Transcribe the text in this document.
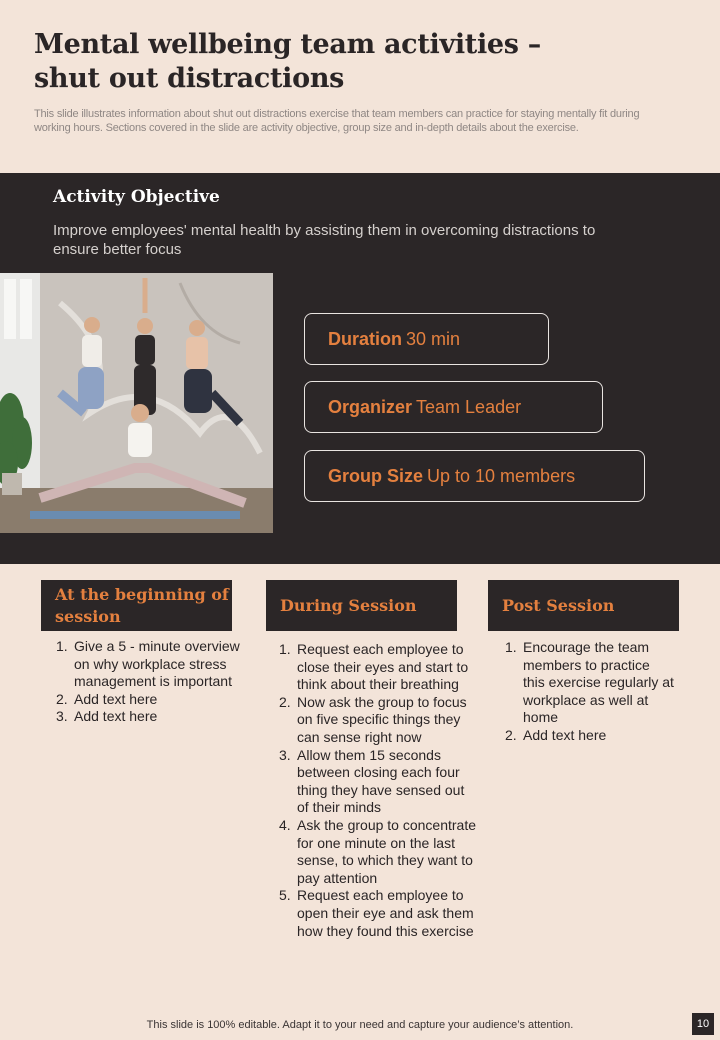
Mental wellbeing team activities –
shut out distractions

This slide illustrates information about shut out distractions exercise that team members can practice for staying mentally fit during working hours. Sections covered in the slide are activity objective, group size and in-depth details about the exercise.

Activity Objective

Improve employees' mental health by assisting them in overcoming distractions to ensure better focus

Duration 30 min
Organizer Team Leader
Group Size Up to 10 members
At the beginning of session
1. Give a 5 - minute overview on why workplace stress management is important
2. Add text here
3. Add text here
During Session
1. Request each employee to close their eyes and start to think about their breathing
2. Now ask the group to focus on five specific things they can sense right now
3. Allow them 15 seconds between closing each four thing they have sensed out of their minds
4. Ask the group to concentrate for one minute on the last sense, to which they want to pay attention
5. Request each employee to open their eye and ask them how they found this exercise
Post Session
1. Encourage the team members to practice this exercise regularly at workplace as well at home
2. Add text here
This slide is 100% editable. Adapt it to your need and capture your audience’s attention.	10
